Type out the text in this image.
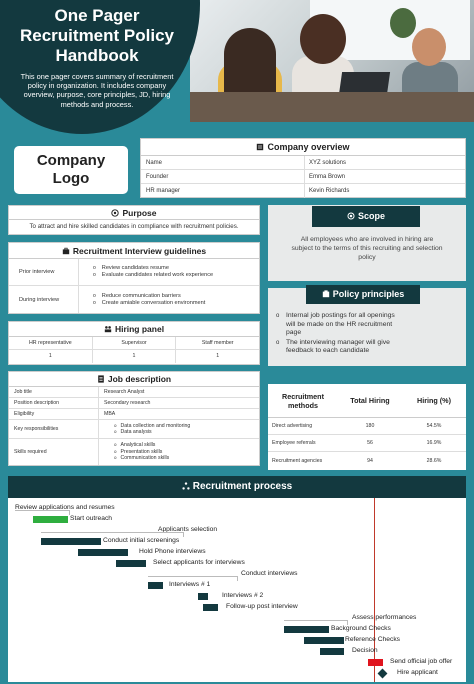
One Pager
Recruitment Policy
Handbook
This one pager covers summary of recruitment policy in organization. It includes company overview, purpose, core principles, JD, hiring methods and process.
Company
Logo
Company overview
Name	XYZ solutions
Founder	Emma Brown
HR manager	Kevin Richards
Purpose
To attract and hire skilled candidates in compliance with recruitment policies.
Recruitment Interview guidelines
Prior interview
o Review candidates resume
o Evaluate candidates related work experience
During interview
o Reduce communication barriers
o Create amiable conversation environment
Hiring panel
HR representative	Supervisor	Staff member
1	1	1
Job description
Job title	Research Analyst
Position description	Secondary research
Eligibility	MBA
Key responsibilities
o Data collection and monitoring
o Data analysis
Skills required
o Analytical skills
o Presentation skills
o Communication skills
Scope
All employees who are involved in hiring are subject to the terms of this recruiting and selection policy
Policy principles
o Internal job postings for all openings will be made on the HR recruitment page
o The interviewing manager will give feedback to each candidate
Recruitment methods	Total Hiring	Hiring (%)
Direct advertising	180	54.5%
Employee referrals	56	16.9%
Recruitment agencies	94	28.6%
Recruitment process
Review applications and resumes
Start outreach
Applicants selection
Conduct initial screenings
Hold Phone interviews
Select applicants for interviews
Conduct interviews
Interviews # 1
Interviews # 2
Follow-up post interview
Assess performances
Background Checks
Reference Checks
Decision
Send official job offer
Hire applicant
